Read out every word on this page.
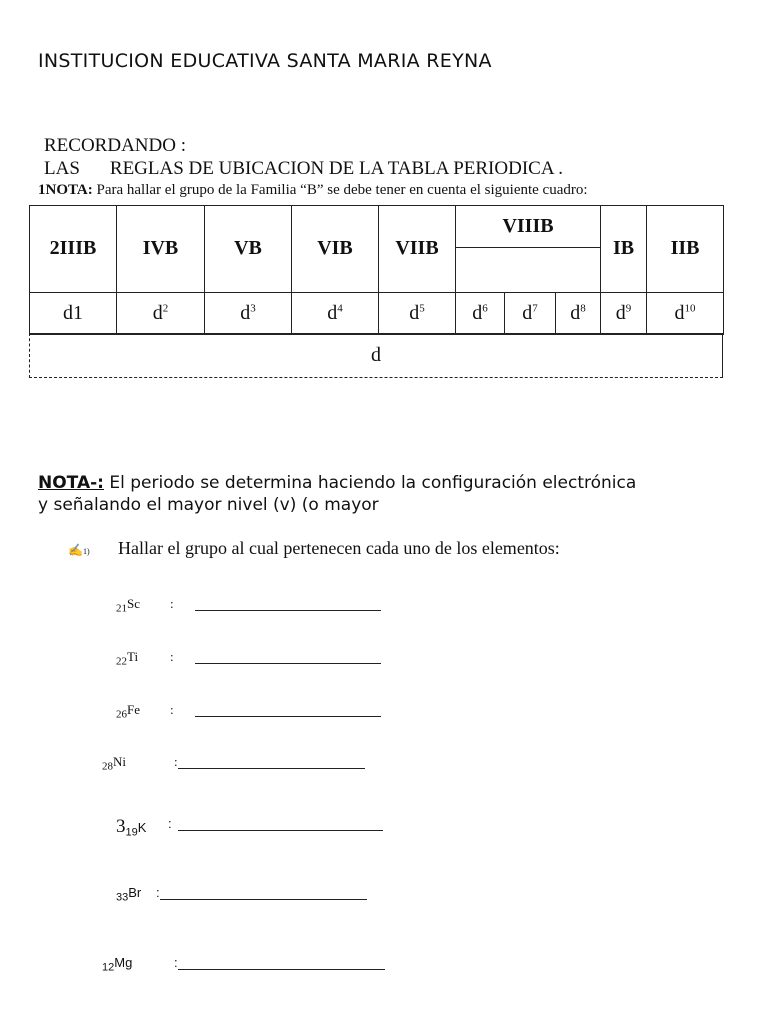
INSTITUCION EDUCATIVA SANTA MARIA REYNA
RECORDANDO :
LAS REGLAS DE UBICACION DE LA TABLA PERIODICA .
1NOTA: Para hallar el grupo de la Familia “B” se debe tener en cuenta el siguiente cuadro:
2IIIB	IVB	VB	VIB	VIIB	VIIIB			IB	IIB

d1	$d^2$	$d^3$	$d^4$	$d^5$	$d^6$	$d^7$	$d^8$	$d^9$	$d^{10}$
d
NOTA-: El periodo se determina haciendo la configuración electrónica
y señalando el mayor nivel (v) (o mayor
✍1) Hallar el grupo al cual pertenecen cada uno de los elementos:
$_{21}$Sc :
$_{22}$Ti :
$_{26}$Fe :
$_{28}$Ni	:
$3_{19}K$ :
$_{33}$Br :
$_{12}$Mg	:
